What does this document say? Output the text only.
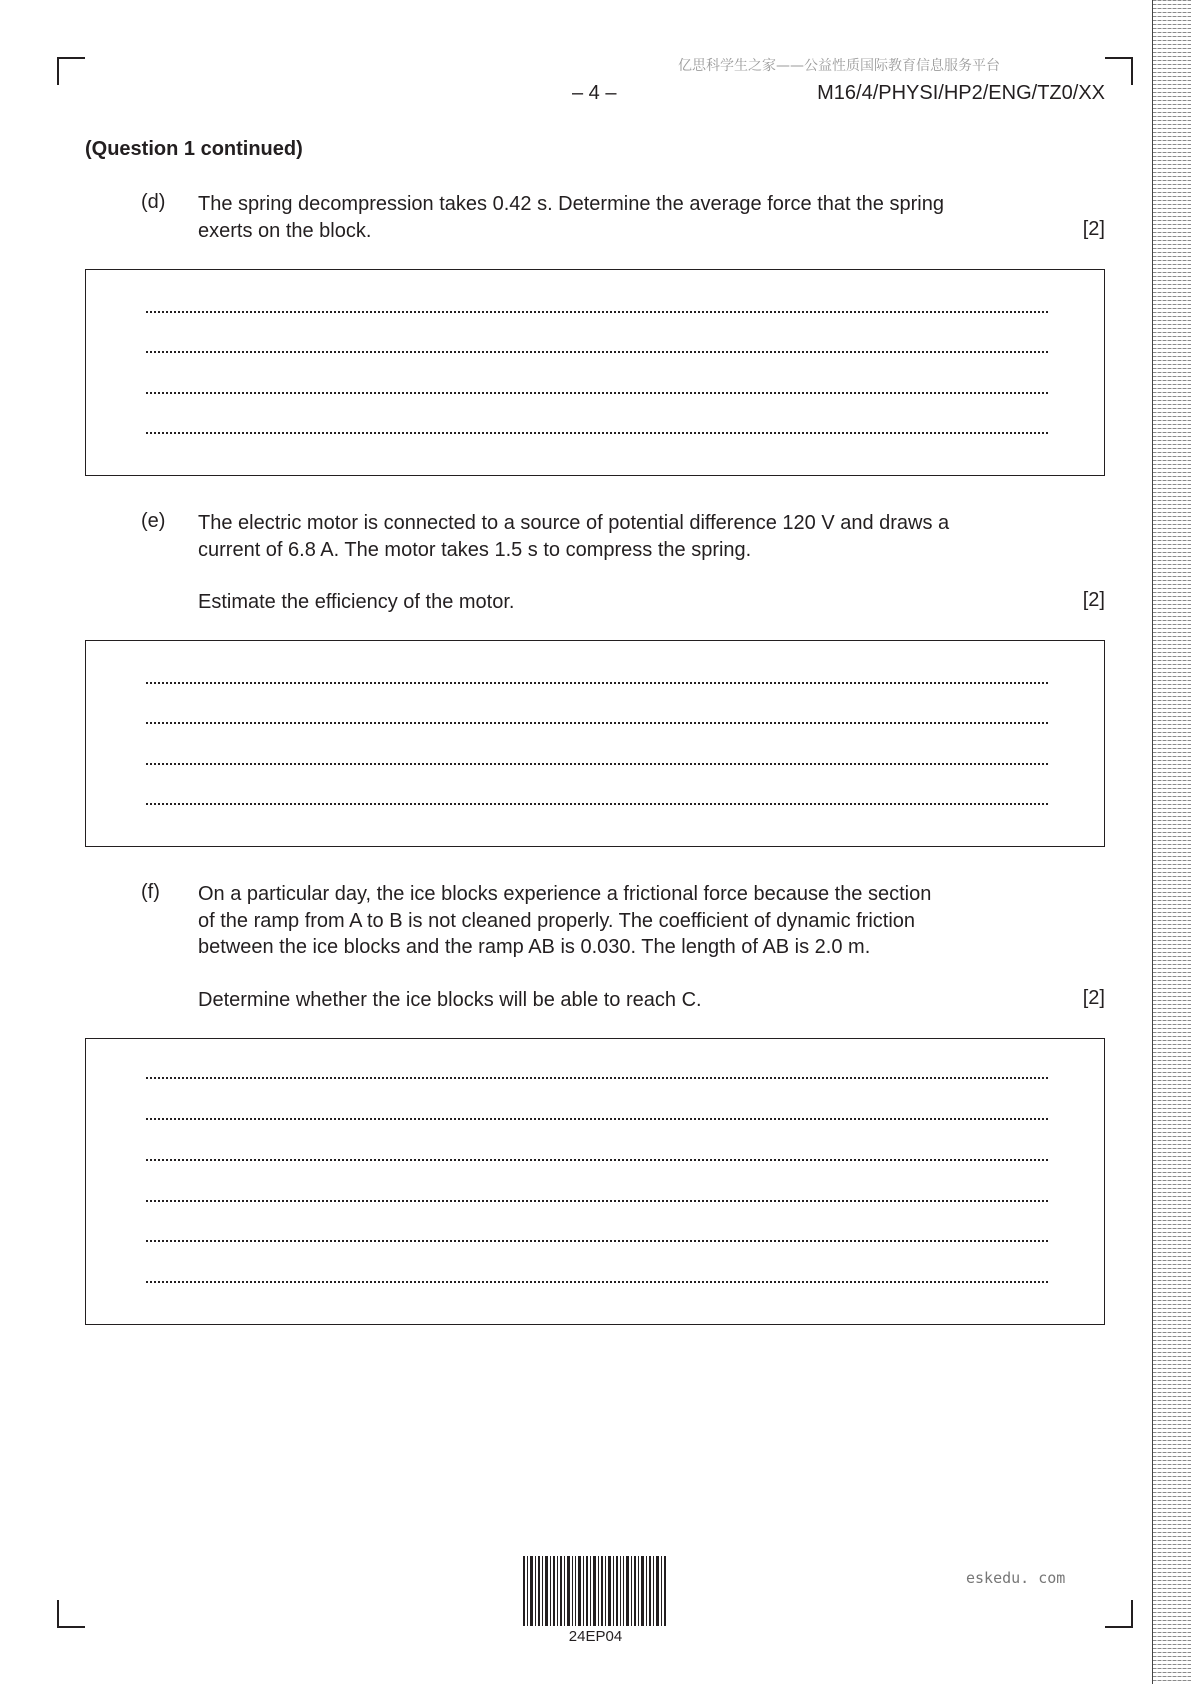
亿思科学生之家——公益性质国际教育信息服务平台
– 4 –	M16/4/PHYSI/HP2/ENG/TZ0/XX
(Question 1 continued)
(d) The spring decompression takes 0.42 s. Determine the average force that the spring
exerts on the block.	[2]
(e) The electric motor is connected to a source of potential difference 120 V and draws a
current of 6.8 A. The motor takes 1.5 s to compress the spring.
Estimate the efficiency of the motor.	[2]
(f) On a particular day, the ice blocks experience a frictional force because the section
of the ramp from A to B is not cleaned properly. The coefficient of dynamic friction
between the ice blocks and the ramp AB is 0.030. The length of AB is 2.0 m.
Determine whether the ice blocks will be able to reach C.	[2]
24EP04
eskedu. com
